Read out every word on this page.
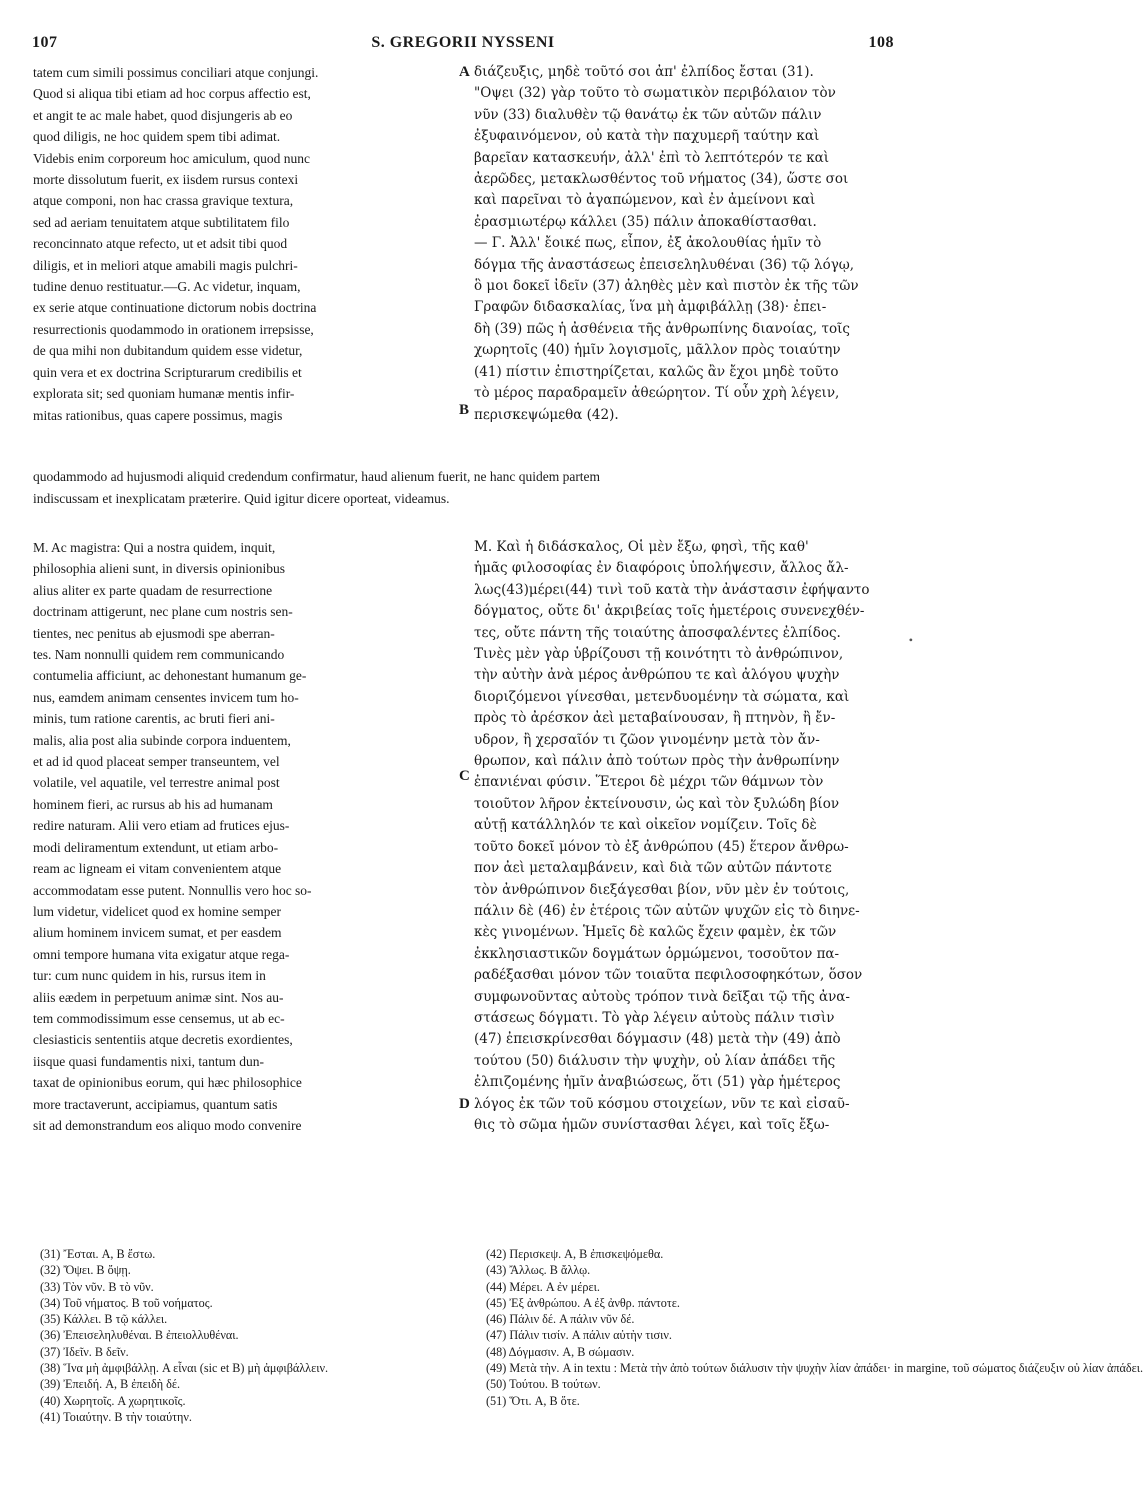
107	S. GREGORII NYSSENI	108
tatem cum simili possimus conciliari atque conjungi.
Quod si aliqua tibi etiam ad hoc corpus affectio est,
et angit te ac male habet, quod disjungeris ab eo
quod diligis, ne hoc quidem spem tibi adimat.
Videbis enim corporeum hoc amiculum, quod nunc
morte dissolutum fuerit, ex iisdem rursus contexi
atque componi, non hac crassa gravique textura,
sed ad aeriam tenuitatem atque subtilitatem filo
reconcinnato atque refecto, ut et adsit tibi quod
diligis, et in meliori atque amabili magis pulchri-
tudine denuo restituatur.—G. Ac videtur, inquam,
ex serie atque continuatione dictorum nobis doctrina
resurrectionis quodammodo in orationem irrepsisse,
de qua mihi non dubitandum quidem esse videtur,
quin vera et ex doctrina Scripturarum credibilis et
explorata sit; sed quoniam humanæ mentis infir-
mitas rationibus, quas capere possimus, magis
A διάζευξις, μηδὲ τοῦτό σοι ἀπ' ἐλπίδος ἔσται (31).
"Οψει (32) γὰρ τοῦτο τὸ σωματικὸν περιβόλαιον τὸν
νῦν (33) διαλυθὲν τῷ θανάτῳ ἐκ τῶν αὐτῶν πάλιν
ἐξυφαινόμενον, οὐ κατὰ τὴν παχυμερῆ ταύτην καὶ
βαρεῖαν κατασκευήν, ἀλλ' ἐπὶ τὸ λεπτότερόν τε καὶ
ἀερῶδες, μετακλωσθέντος τοῦ νήματος (34), ὥστε σοι
καὶ παρεῖναι τὸ ἀγαπώμενον, καὶ ἐν ἀμείνονι καὶ
ἐρασμιωτέρῳ κάλλει (35) πάλιν ἀποκαθίστασθαι.
— Γ. Ἀλλ' ἔοικέ πως, εἶπον, ἐξ ἀκολουθίας ἡμῖν τὸ
δόγμα τῆς ἀναστάσεως ἐπεισεληλυθέναι (36) τῷ λόγῳ,
ὃ μοι δοκεῖ ἰδεῖν (37) ἀληθὲς μὲν καὶ πιστὸν ἐκ τῆς τῶν
Γραφῶν διδασκαλίας, ἵνα μὴ ἀμφιβάλλῃ (38)· ἐπει-
δὴ (39) πῶς ἡ ἀσθένεια τῆς ἀνθρωπίνης διανοίας, τοῖς
χωρητοῖς (40) ἡμῖν λογισμοῖς, μᾶλλον πρὸς τοιαύτην
(41) πίστιν ἐπιστηρίζεται, καλῶς ἂν ἔχοι μηδὲ τοῦτο
τὸ μέρος παραδραμεῖν ἀθεώρητον. Τί οὖν χρὴ λέγειν,
περισκεψώμεθα (42).
B
quodammodo ad hujusmodi aliquid credendum confirmatur, haud alienum fuerit, ne hanc quidem partem
indiscussam et inexplicatam præterire. Quid igitur dicere oporteat, videamus.
M. Ac magistra: Qui a nostra quidem, inquit,
philosophia alieni sunt, in diversis opinionibus
alius aliter ex parte quadam de resurrectione
doctrinam attigerunt, nec plane cum nostris sen-
tientes, nec penitus ab ejusmodi spe aberran-
tes. Nam nonnulli quidem rem communicando
contumelia afficiunt, ac dehonestant humanum ge-
nus, eamdem animam censentes invicem tum ho-
minis, tum ratione carentis, ac bruti fieri ani-
malis, alia post alia subinde corpora induentem,
et ad id quod placeat semper transeuntem, vel
volatile, vel aquatile, vel terrestre animal post
hominem fieri, ac rursus ab his ad humanam
redire naturam. Alii vero etiam ad frutices ejus-
modi deliramentum extendunt, ut etiam arbo-
ream ac ligneam ei vitam convenientem atque
accommodatam esse putent. Nonnullis vero hoc so-
lum videtur, videlicet quod ex homine semper
alium hominem invicem sumat, et per easdem
omni tempore humana vita exigatur atque rega-
tur: cum nunc quidem in his, rursus item in
aliis eædem in perpetuum animæ sint. Nos au-
tem commodissimum esse censemus, ut ab ec-
clesiasticis sententiis atque decretis exordientes,
iisque quasi fundamentis nixi, tantum dun-
taxat de opinionibus eorum, qui hæc philosophice
more tractaverunt, accipiamus, quantum satis
sit ad demonstrandum eos aliquo modo convenire
C
D
Μ. Καὶ ἡ διδάσκαλος, Οἱ μὲν ἔξω, φησὶ, τῆς καθ'
ἡμᾶς φιλοσοφίας ἐν διαφόροις ὑπολήψεσιν, ἄλλος ἄλ-
λως(43)μέρει(44) τινὶ τοῦ κατὰ τὴν ἀνάστασιν ἐφήψαντο
δόγματος, οὔτε δι' ἀκριβείας τοῖς ἡμετέροις συνενεχθέν-
τες, οὔτε πάντη τῆς τοιαύτης ἀποσφαλέντες ἐλπίδος.
Τινὲς μὲν γὰρ ὑβρίζουσι τῇ κοινότητι τὸ ἀνθρώπινον,
τὴν αὐτὴν ἀνὰ μέρος ἀνθρώπου τε καὶ ἀλόγου ψυχὴν
διοριζόμενοι γίνεσθαι, μετενδυομένην τὰ σώματα, καὶ
πρὸς τὸ ἀρέσκον ἀεὶ μεταβαίνουσαν, ἢ πτηνὸν, ἢ ἔν-
υδρον, ἢ χερσαῖόν τι ζῶον γινομένην μετὰ τὸν ἄν-
θρωπον, καὶ πάλιν ἀπὸ τούτων πρὸς τὴν ἀνθρωπίνην
ἐπανιέναι φύσιν. Ἕτεροι δὲ μέχρι τῶν θάμνων τὸν
τοιοῦτον λῆρον ἐκτείνουσιν, ὡς καὶ τὸν ξυλώδη βίον
αὐτῇ κατάλληλόν τε καὶ οἰκεῖον νομίζειν. Τοῖς δὲ
τοῦτο δοκεῖ μόνον τὸ ἐξ ἀνθρώπου (45) ἕτερον ἄνθρω-
πον ἀεὶ μεταλαμβάνειν, καὶ διὰ τῶν αὐτῶν πάντοτε
τὸν ἀνθρώπινον διεξάγεσθαι βίον, νῦν μὲν ἐν τούτοις,
πάλιν δὲ (46) ἐν ἑτέροις τῶν αὐτῶν ψυχῶν εἰς τὸ διηνε-
κὲς γινομένων. Ἡμεῖς δὲ καλῶς ἔχειν φαμὲν, ἐκ τῶν
ἐκκλησιαστικῶν δογμάτων ὁρμώμενοι, τοσοῦτον πα-
ραδέξασθαι μόνον τῶν τοιαῦτα πεφιλοσοφηκότων, ὅσον
συμφωνοῦντας αὐτοὺς τρόπον τινὰ δεῖξαι τῷ τῆς ἀνα-
στάσεως δόγματι. Τὸ γὰρ λέγειν αὐτοὺς πάλιν τισὶν
(47) ἐπεισκρίνεσθαι δόγμασιν (48) μετὰ τὴν (49) ἀπὸ
τούτου (50) διάλυσιν τὴν ψυχὴν, οὐ λίαν ἀπάδει τῆς
ἐλπιζομένης ἡμῖν ἀναβιώσεως, ὅτι (51) γὰρ ἡμέτερος
λόγος ἐκ τῶν τοῦ κόσμου στοιχείων, νῦν τε καὶ εἰσαῦ-
θις τὸ σῶμα ἡμῶν συνίστασθαι λέγει, καὶ τοῖς ἔξω-
•
(31) Ἔσται. A, B ἔστω.
(32) Ὄψει. B ὄψῃ.
(33) Τὸν νῦν. B τὸ νῦν.
(34) Τοῦ νήματος. B τοῦ νοήματος.
(35) Κάλλει. B τῷ κάλλει.
(36) Ἐπεισεληλυθέναι. B ἐπειολλυθέναι.
(37) Ἰδεῖν. B δεῖν.
(38) Ἵνα μὴ ἀμφιβάλλῃ. A εἶναι (sic et B) μὴ ἀμφιβάλλειν.
(39) Ἐπειδή. A, B ἐπειδὴ δέ.
(40) Χωρητοῖς. A χωρητικοῖς.
(41) Τοιαύτην. B τὴν τοιαύτην.
(42) Περισκεψ. A, B ἐπισκεψόμεθα.
(43) Ἄλλως. B ἄλλῳ.
(44) Μέρει. A ἐν μέρει.
(45) Ἐξ ἀνθρώπου. A ἐξ ἀνθρ. πάντοτε.
(46) Πάλιν δέ. A πάλιν νῦν δέ.
(47) Πάλιν τισίν. A πάλιν αὐτὴν τισιν.
(48) Δόγμασιν. A, B σώμασιν.
(49) Μετὰ τὴν. A in textu : Μετὰ τὴν ἀπὸ τούτων διάλυσιν τὴν ψυχὴν λίαν ἀπάδει· in margine, τοῦ σώματος διάζευξιν οὐ λίαν ἀπάδει.
(50) Τούτου. B τούτων.
(51) Ὅτι. A, B ὅτε.
